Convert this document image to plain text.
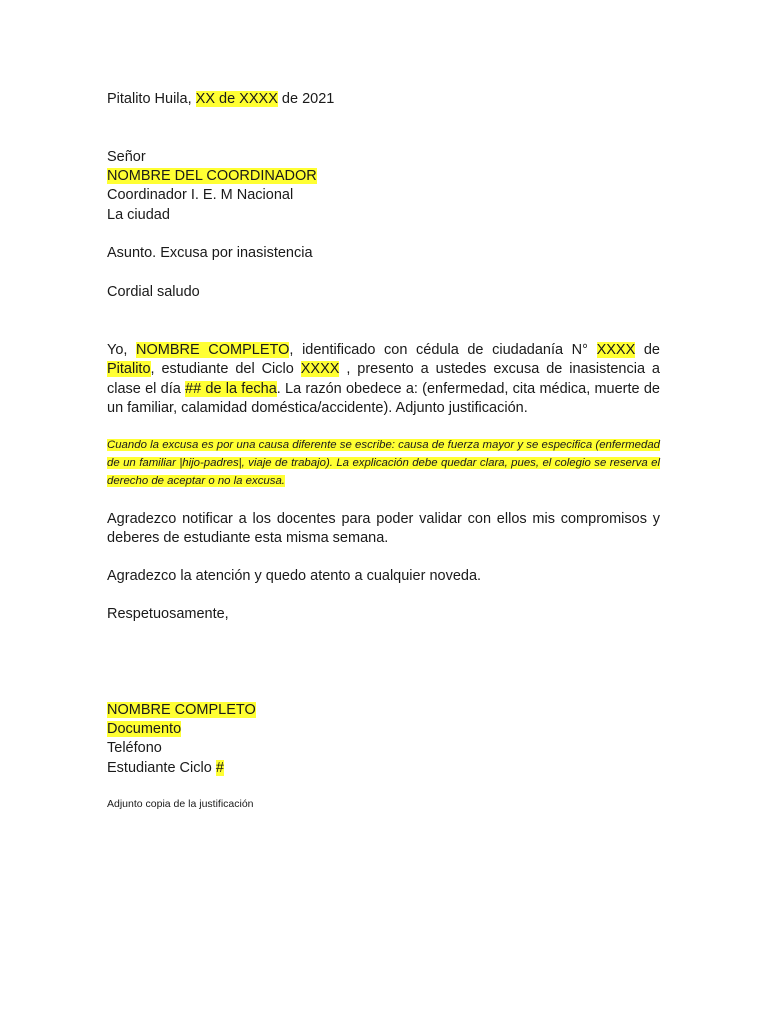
Pitalito Huila, XX de XXXX de 2021
Señor
NOMBRE DEL COORDINADOR
Coordinador I. E. M Nacional
La ciudad
Asunto. Excusa por inasistencia
Cordial saludo
Yo, NOMBRE COMPLETO, identificado con cédula de ciudadanía N° XXXX de Pitalito, estudiante del Ciclo XXXX , presento a ustedes excusa de inasistencia a clase el día ## de la fecha. La razón obedece a: (enfermedad, cita médica, muerte de un familiar, calamidad doméstica/accidente). Adjunto justificación.
Cuando la excusa es por una causa diferente se escribe: causa de fuerza mayor y se especifica (enfermedad de un familiar |hijo-padres|, viaje de trabajo). La explicación debe quedar clara, pues, el colegio se reserva el derecho de aceptar o no la excusa.
Agradezco notificar a los docentes para poder validar con ellos mis compromisos y deberes de estudiante esta misma semana.
Agradezco la atención y quedo atento a cualquier noveda.
Respetuosamente,
NOMBRE COMPLETO
Documento
Teléfono
Estudiante Ciclo #
Adjunto copia de la justificación
